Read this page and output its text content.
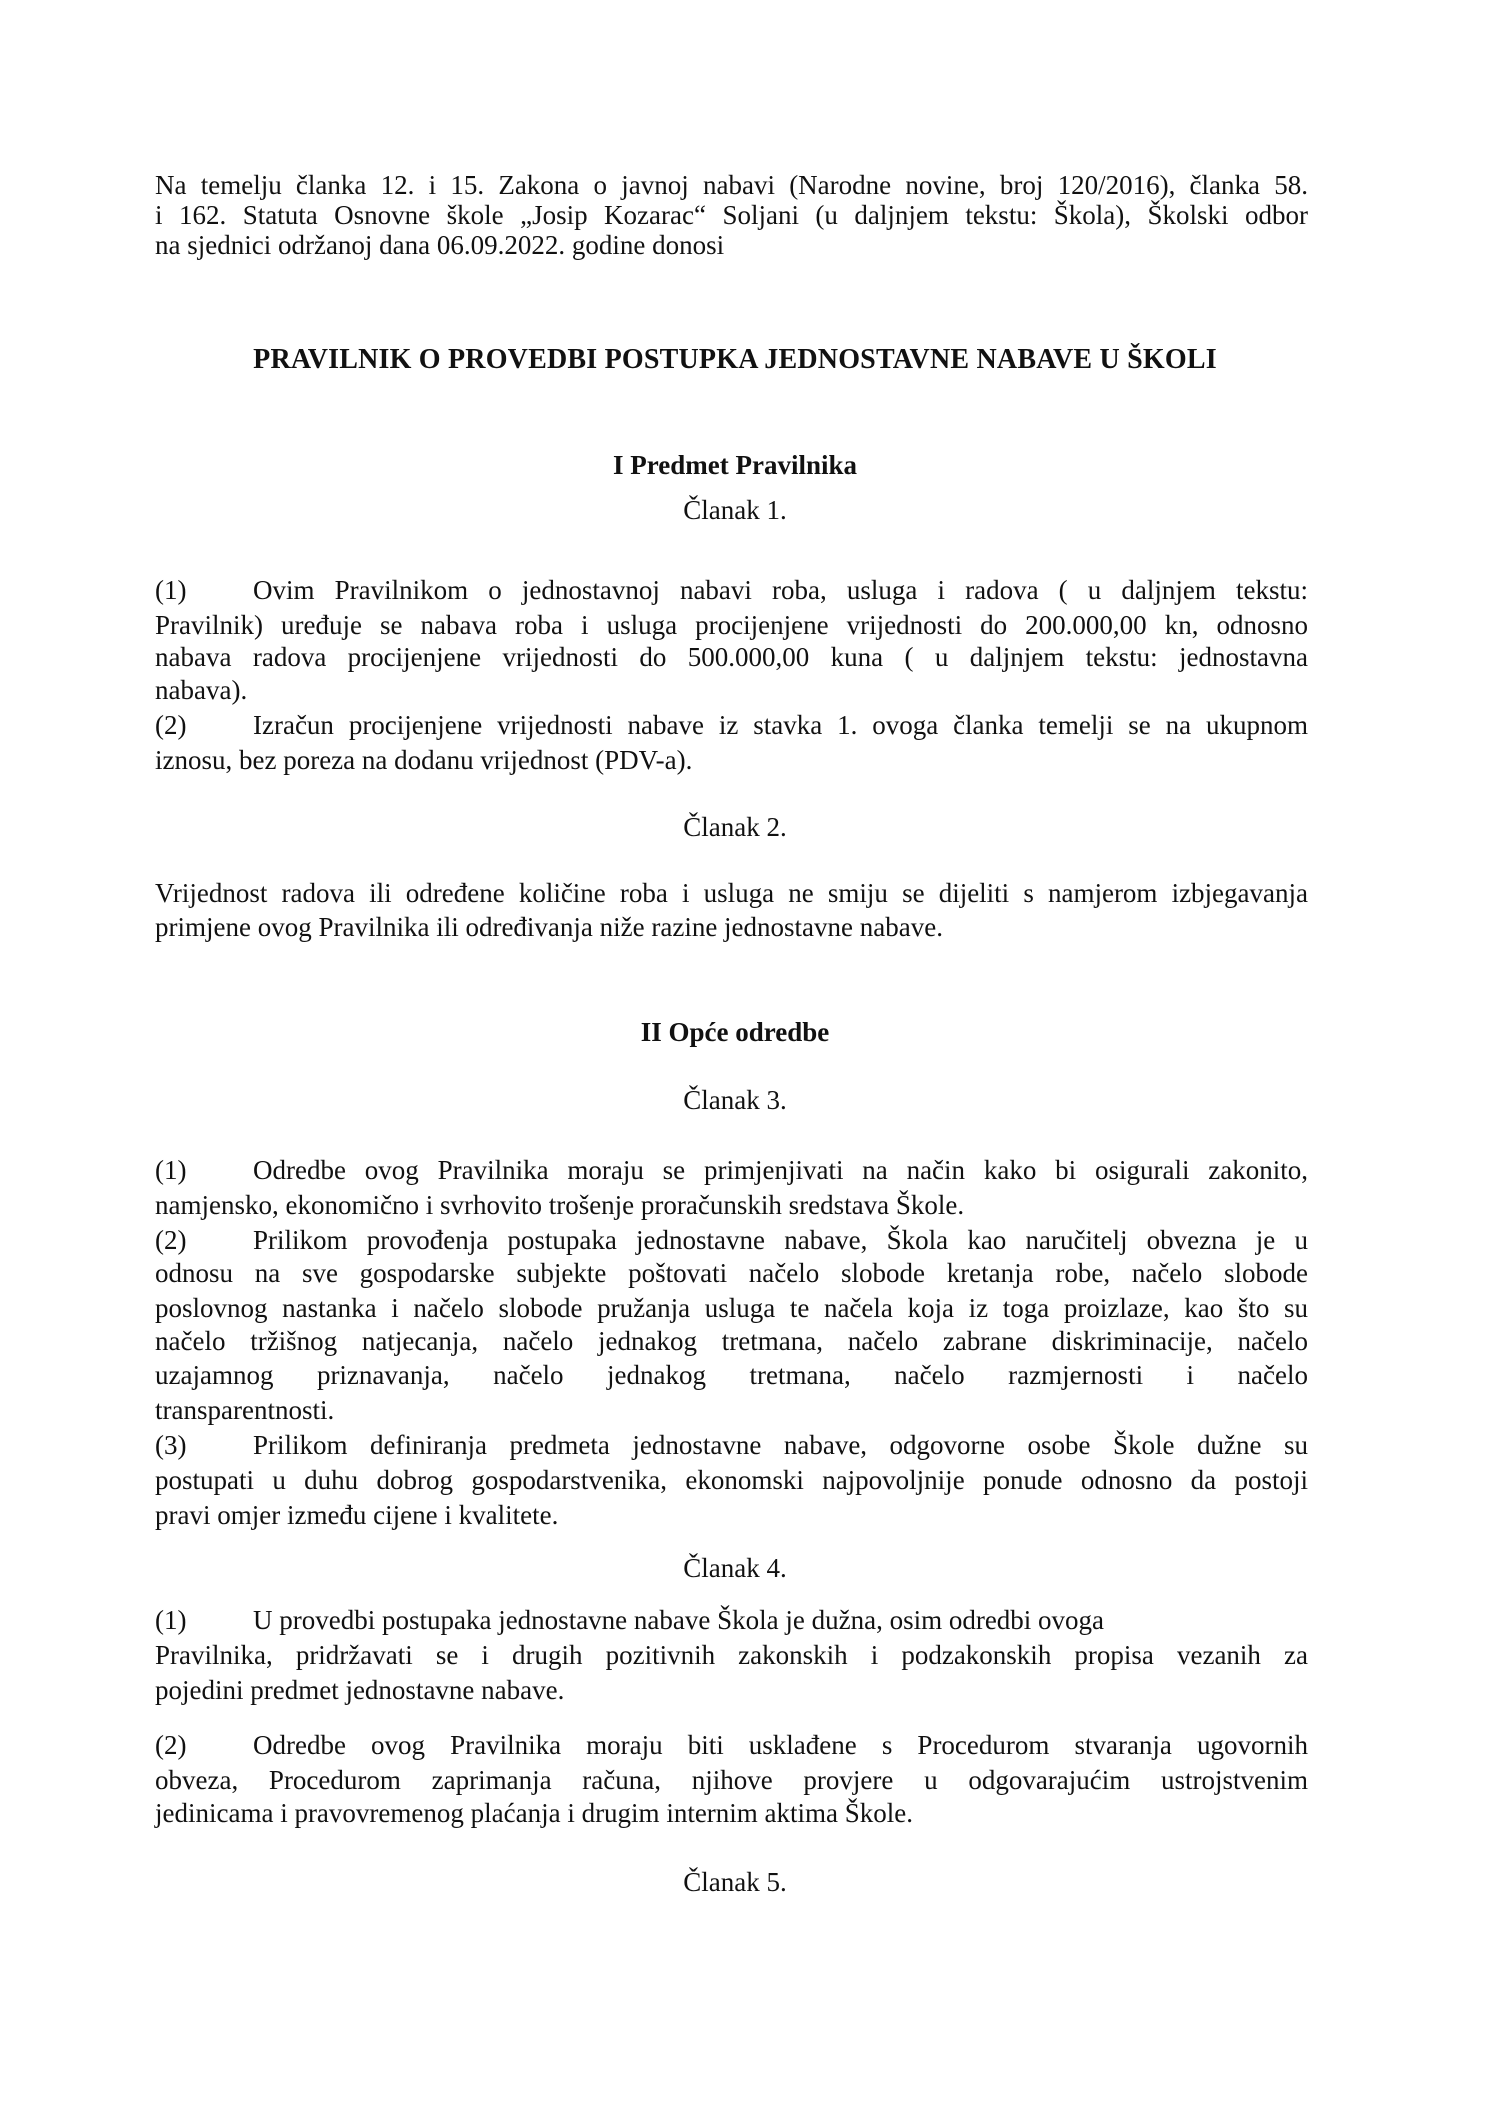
Na temelju članka 12. i 15. Zakona o javnoj nabavi (Narodne novine, broj 120/2016), članka 58.
i 162. Statuta Osnovne škole „Josip Kozarac“ Soljani (u daljnjem tekstu: Škola), Školski odbor
na sjednici održanoj dana 06.09.2022. godine donosi
PRAVILNIK O PROVEDBI POSTUPKA JEDNOSTAVNE NABAVE U ŠKOLI
I Predmet Pravilnika
Članak 1.
(1) Ovim Pravilnikom o jednostavnoj nabavi roba, usluga i radova ( u daljnjem tekstu:
Pravilnik) uređuje se nabava roba i usluga procijenjene vrijednosti do 200.000,00 kn, odnosno
nabava radova procijenjene vrijednosti do 500.000,00 kuna ( u daljnjem tekstu: jednostavna
nabava).
(2) Izračun procijenjene vrijednosti nabave iz stavka 1. ovoga članka temelji se na ukupnom
iznosu, bez poreza na dodanu vrijednost (PDV-a).
Članak 2.
Vrijednost radova ili određene količine roba i usluga ne smiju se dijeliti s namjerom izbjegavanja
primjene ovog Pravilnika ili određivanja niže razine jednostavne nabave.
II Opće odredbe
Članak 3.
(1) Odredbe ovog Pravilnika moraju se primjenjivati na način kako bi osigurali zakonito,
namjensko, ekonomično i svrhovito trošenje proračunskih sredstava Škole.
(2) Prilikom provođenja postupaka jednostavne nabave, Škola kao naručitelj obvezna je u
odnosu na sve gospodarske subjekte poštovati načelo slobode kretanja robe, načelo slobode
poslovnog nastanka i načelo slobode pružanja usluga te načela koja iz toga proizlaze, kao što su
načelo tržišnog natjecanja, načelo jednakog tretmana, načelo zabrane diskriminacije, načelo
uzajamnog priznavanja, načelo jednakog tretmana, načelo razmjernosti i načelo
transparentnosti.
(3) Prilikom definiranja predmeta jednostavne nabave, odgovorne osobe Škole dužne su
postupati u duhu dobrog gospodarstvenika, ekonomski najpovoljnije ponude odnosno da postoji
pravi omjer između cijene i kvalitete.
Članak 4.
(1) U provedbi postupaka jednostavne nabave Škola je dužna, osim odredbi ovoga
Pravilnika, pridržavati se i drugih pozitivnih zakonskih i podzakonskih propisa vezanih za
pojedini predmet jednostavne nabave.
(2) Odredbe ovog Pravilnika moraju biti usklađene s Procedurom stvaranja ugovornih
obveza, Procedurom zaprimanja računa, njihove provjere u odgovarajućim ustrojstvenim
jedinicama i pravovremenog plaćanja i drugim internim aktima Škole.
Članak 5.
